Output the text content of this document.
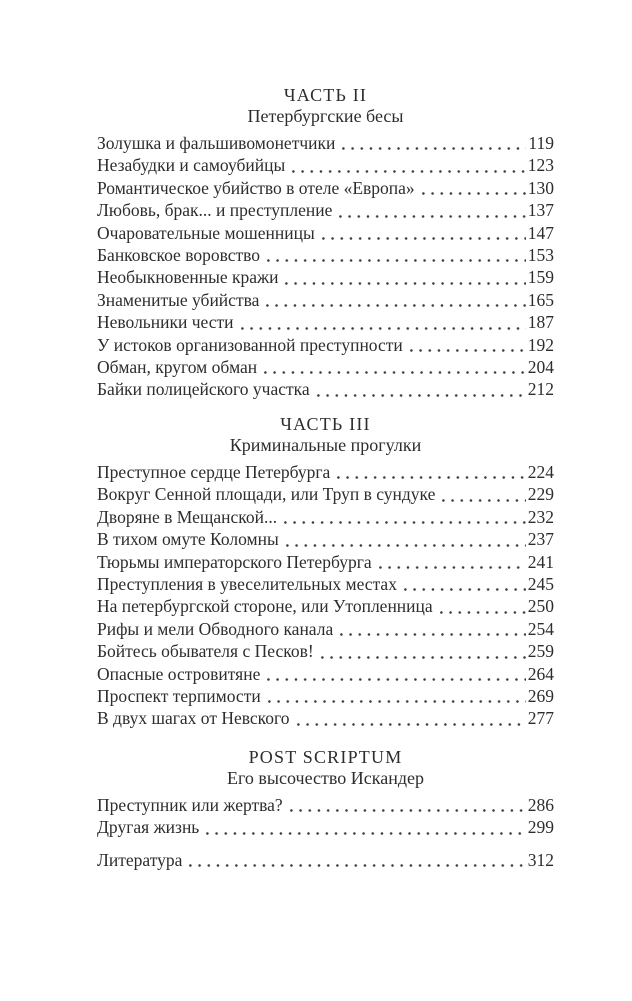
ЧАСТЬ II
Петербургские бесы
Золушка и фальшивомонетчики	119
Незабудки и самоубийцы	123
Романтическое убийство в отеле «Европа»	130
Любовь, брак... и преступление	137
Очаровательные мошенницы	147
Банковское воровство	153
Необыкновенные кражи	159
Знаменитые убийства	165
Невольники чести	187
У истоков организованной преступности	192
Обман, кругом обман	204
Байки полицейского участка	212
ЧАСТЬ III
Криминальные прогулки
Преступное сердце Петербурга	224
Вокруг Сенной площади, или Труп в сундуке	229
Дворяне в Мещанской...	232
В тихом омуте Коломны	237
Тюрьмы императорского Петербурга	241
Преступления в увеселительных местах	245
На петербургской стороне, или Утопленница	250
Рифы и мели Обводного канала	254
Бойтесь обывателя с Песков!	259
Опасные островитяне	264
Проспект терпимости	269
В двух шагах от Невского	277
POST SCRIPTUM
Его высочество Искандер
Преступник или жертва?	286
Другая жизнь	299
Литература	312
